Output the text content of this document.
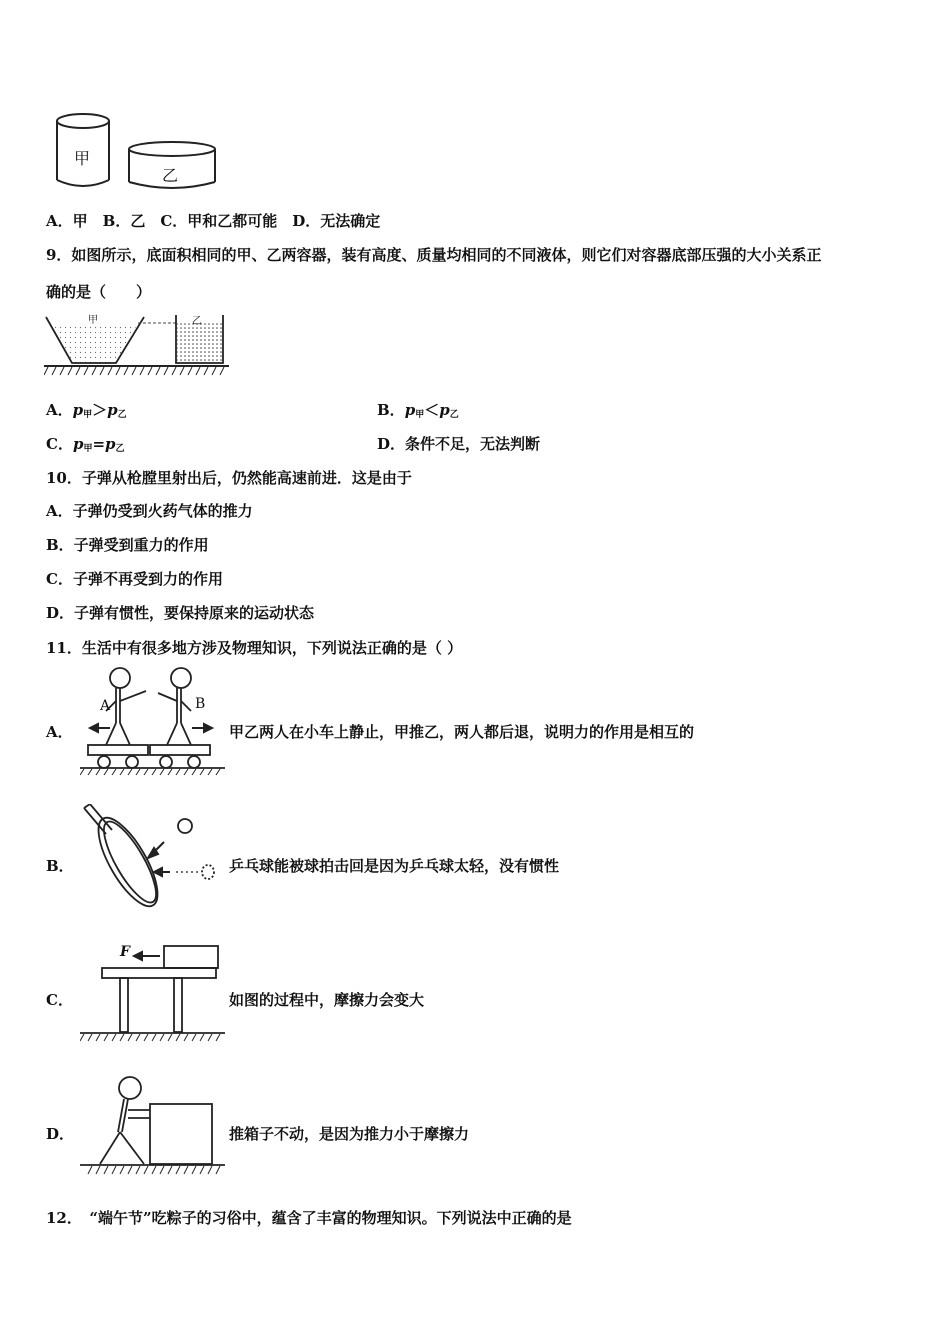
甲
乙
A．甲　B．乙　C．甲和乙都可能　D．无法确定
9．如图所示，底面积相同的甲、乙两容器，装有高度、质量均相同的不同液体，则它们对容器底部压强的大小关系正
确的是（　　）
甲	乙
A．$p_甲>p_乙$	B．$p_甲<p_乙$
C．$p_甲=p_乙$	D．条件不足，无法判断
10．子弹从枪膛里射出后，仍然能高速前进．这是由于
A．子弹仍受到火药气体的推力
B．子弹受到重力的作用
C．子弹不再受到力的作用
D．子弹有惯性，要保持原来的运动状态
11．生活中有很多地方涉及物理知识，下列说法正确的是（ ）
A．
A	B
甲乙两人在小车上静止，甲推乙，两人都后退，说明力的作用是相互的
B．	乒乓球能被球拍击回是因为乒乓球太轻，没有惯性
C．
F
如图的过程中，摩擦力会变大
D．	推箱子不动，是因为推力小于摩擦力
12．　“端午节”吃粽子的习俗中，蕴含了丰富的物理知识。下列说法中正确的是
